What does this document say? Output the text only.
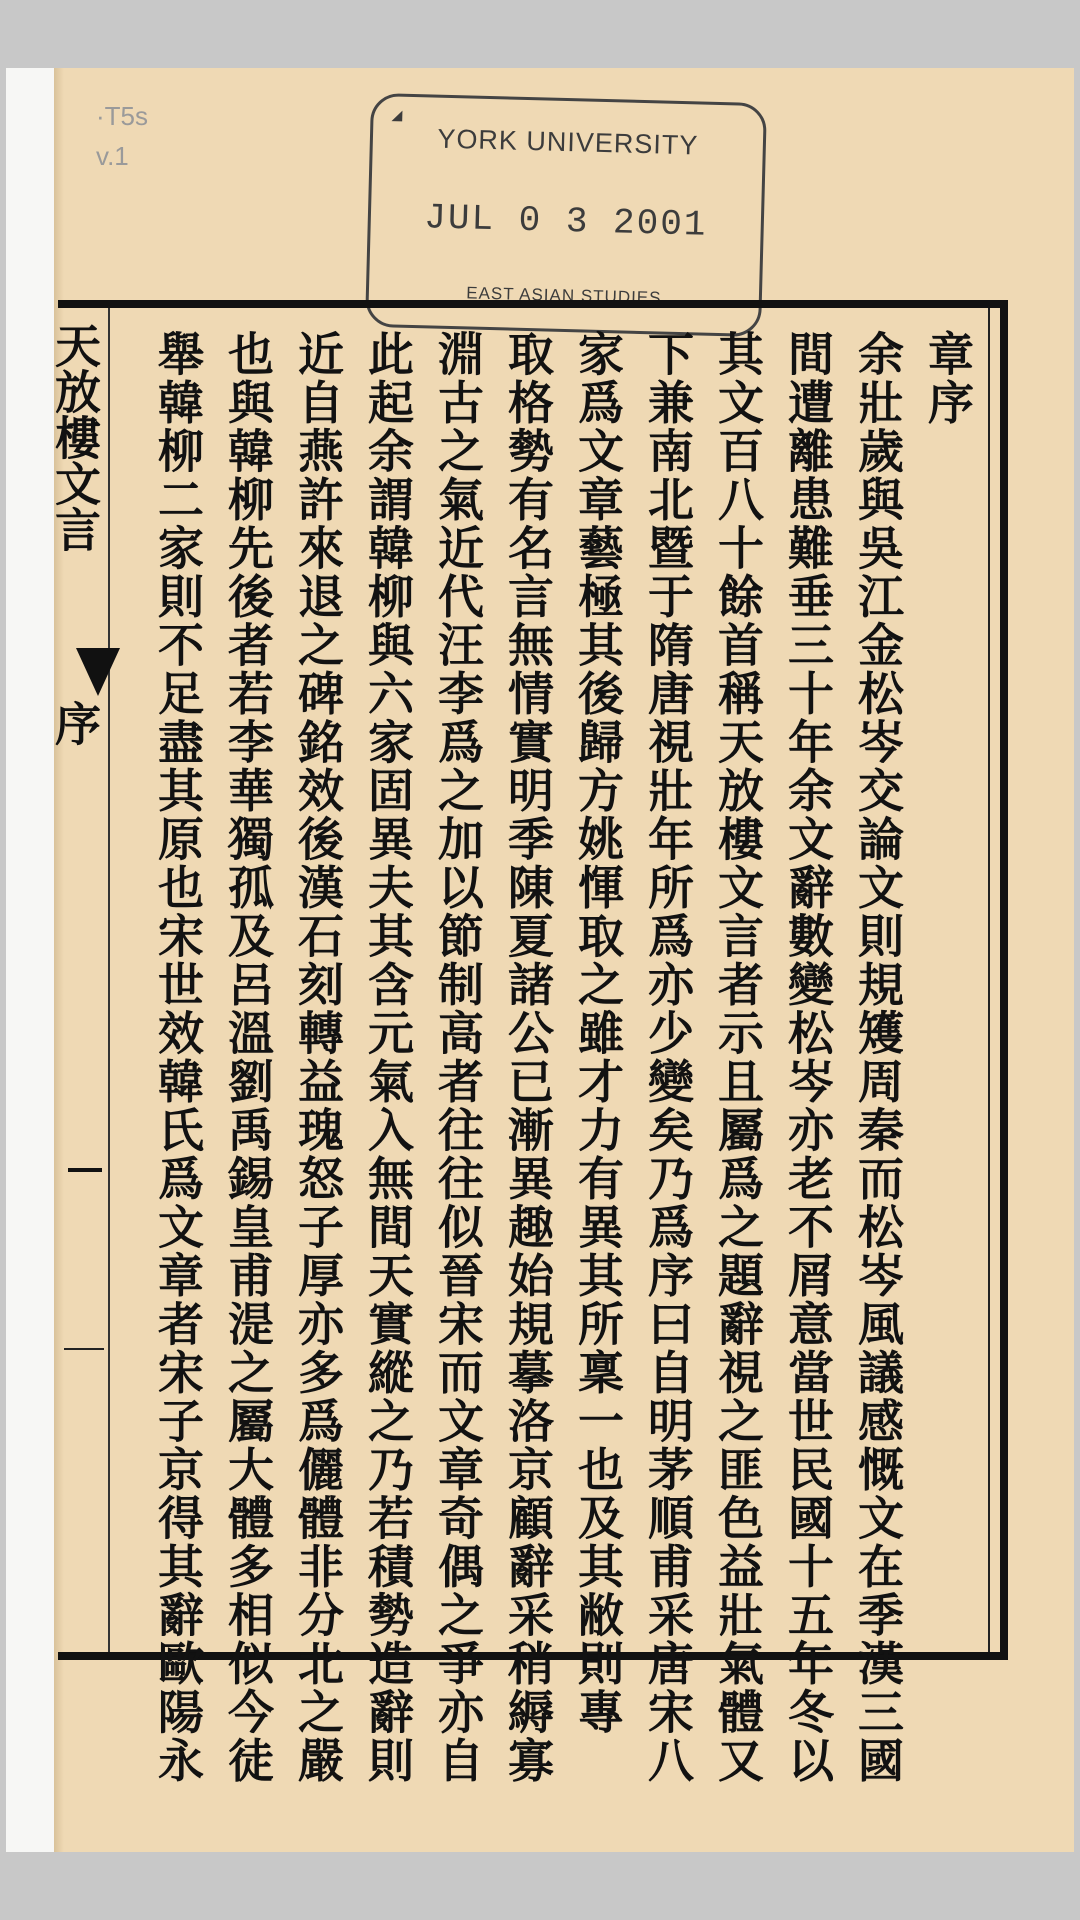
·T5s
v.1
◢
YORK UNIVERSITY
JUL 0 3 2001
EAST ASIAN STUDIES
天放樓文言
序
章序
余壯歲與吳江金松岑交論文則規矱周秦而松岑風議感慨文在季漢三國
間遭離患難垂三十年余文辭數變松岑亦老不屑意當世民國十五年冬以
其文百八十餘首稱天放樓文言者示且屬爲之題辭視之匪色益壯氣體又
下兼南北暨于隋唐視壯年所爲亦少變矣乃爲序曰自明茅順甫采唐宋八
家爲文章藝極其後歸方姚惲取之雖才力有異其所稟一也及其敝則專
取格勢有名言無情實明季陳夏諸公已漸異趣始規摹洛京顧辭采稍縟寡
淵古之氣近代汪李爲之加以節制高者往往似晉宋而文章奇偶之爭亦自
此起余謂韓柳與六家固異夫其含元氣入無間天實縱之乃若積勢造辭則
近自燕許來退之碑銘效後漢石刻轉益瑰怒子厚亦多爲儷體非分北之嚴
也與韓柳先後者若李華獨孤及呂溫劉禹錫皇甫湜之屬大體多相似今徒
舉韓柳二家則不足盡其原也宋世效韓氏爲文章者宋子京得其辭歐陽永
